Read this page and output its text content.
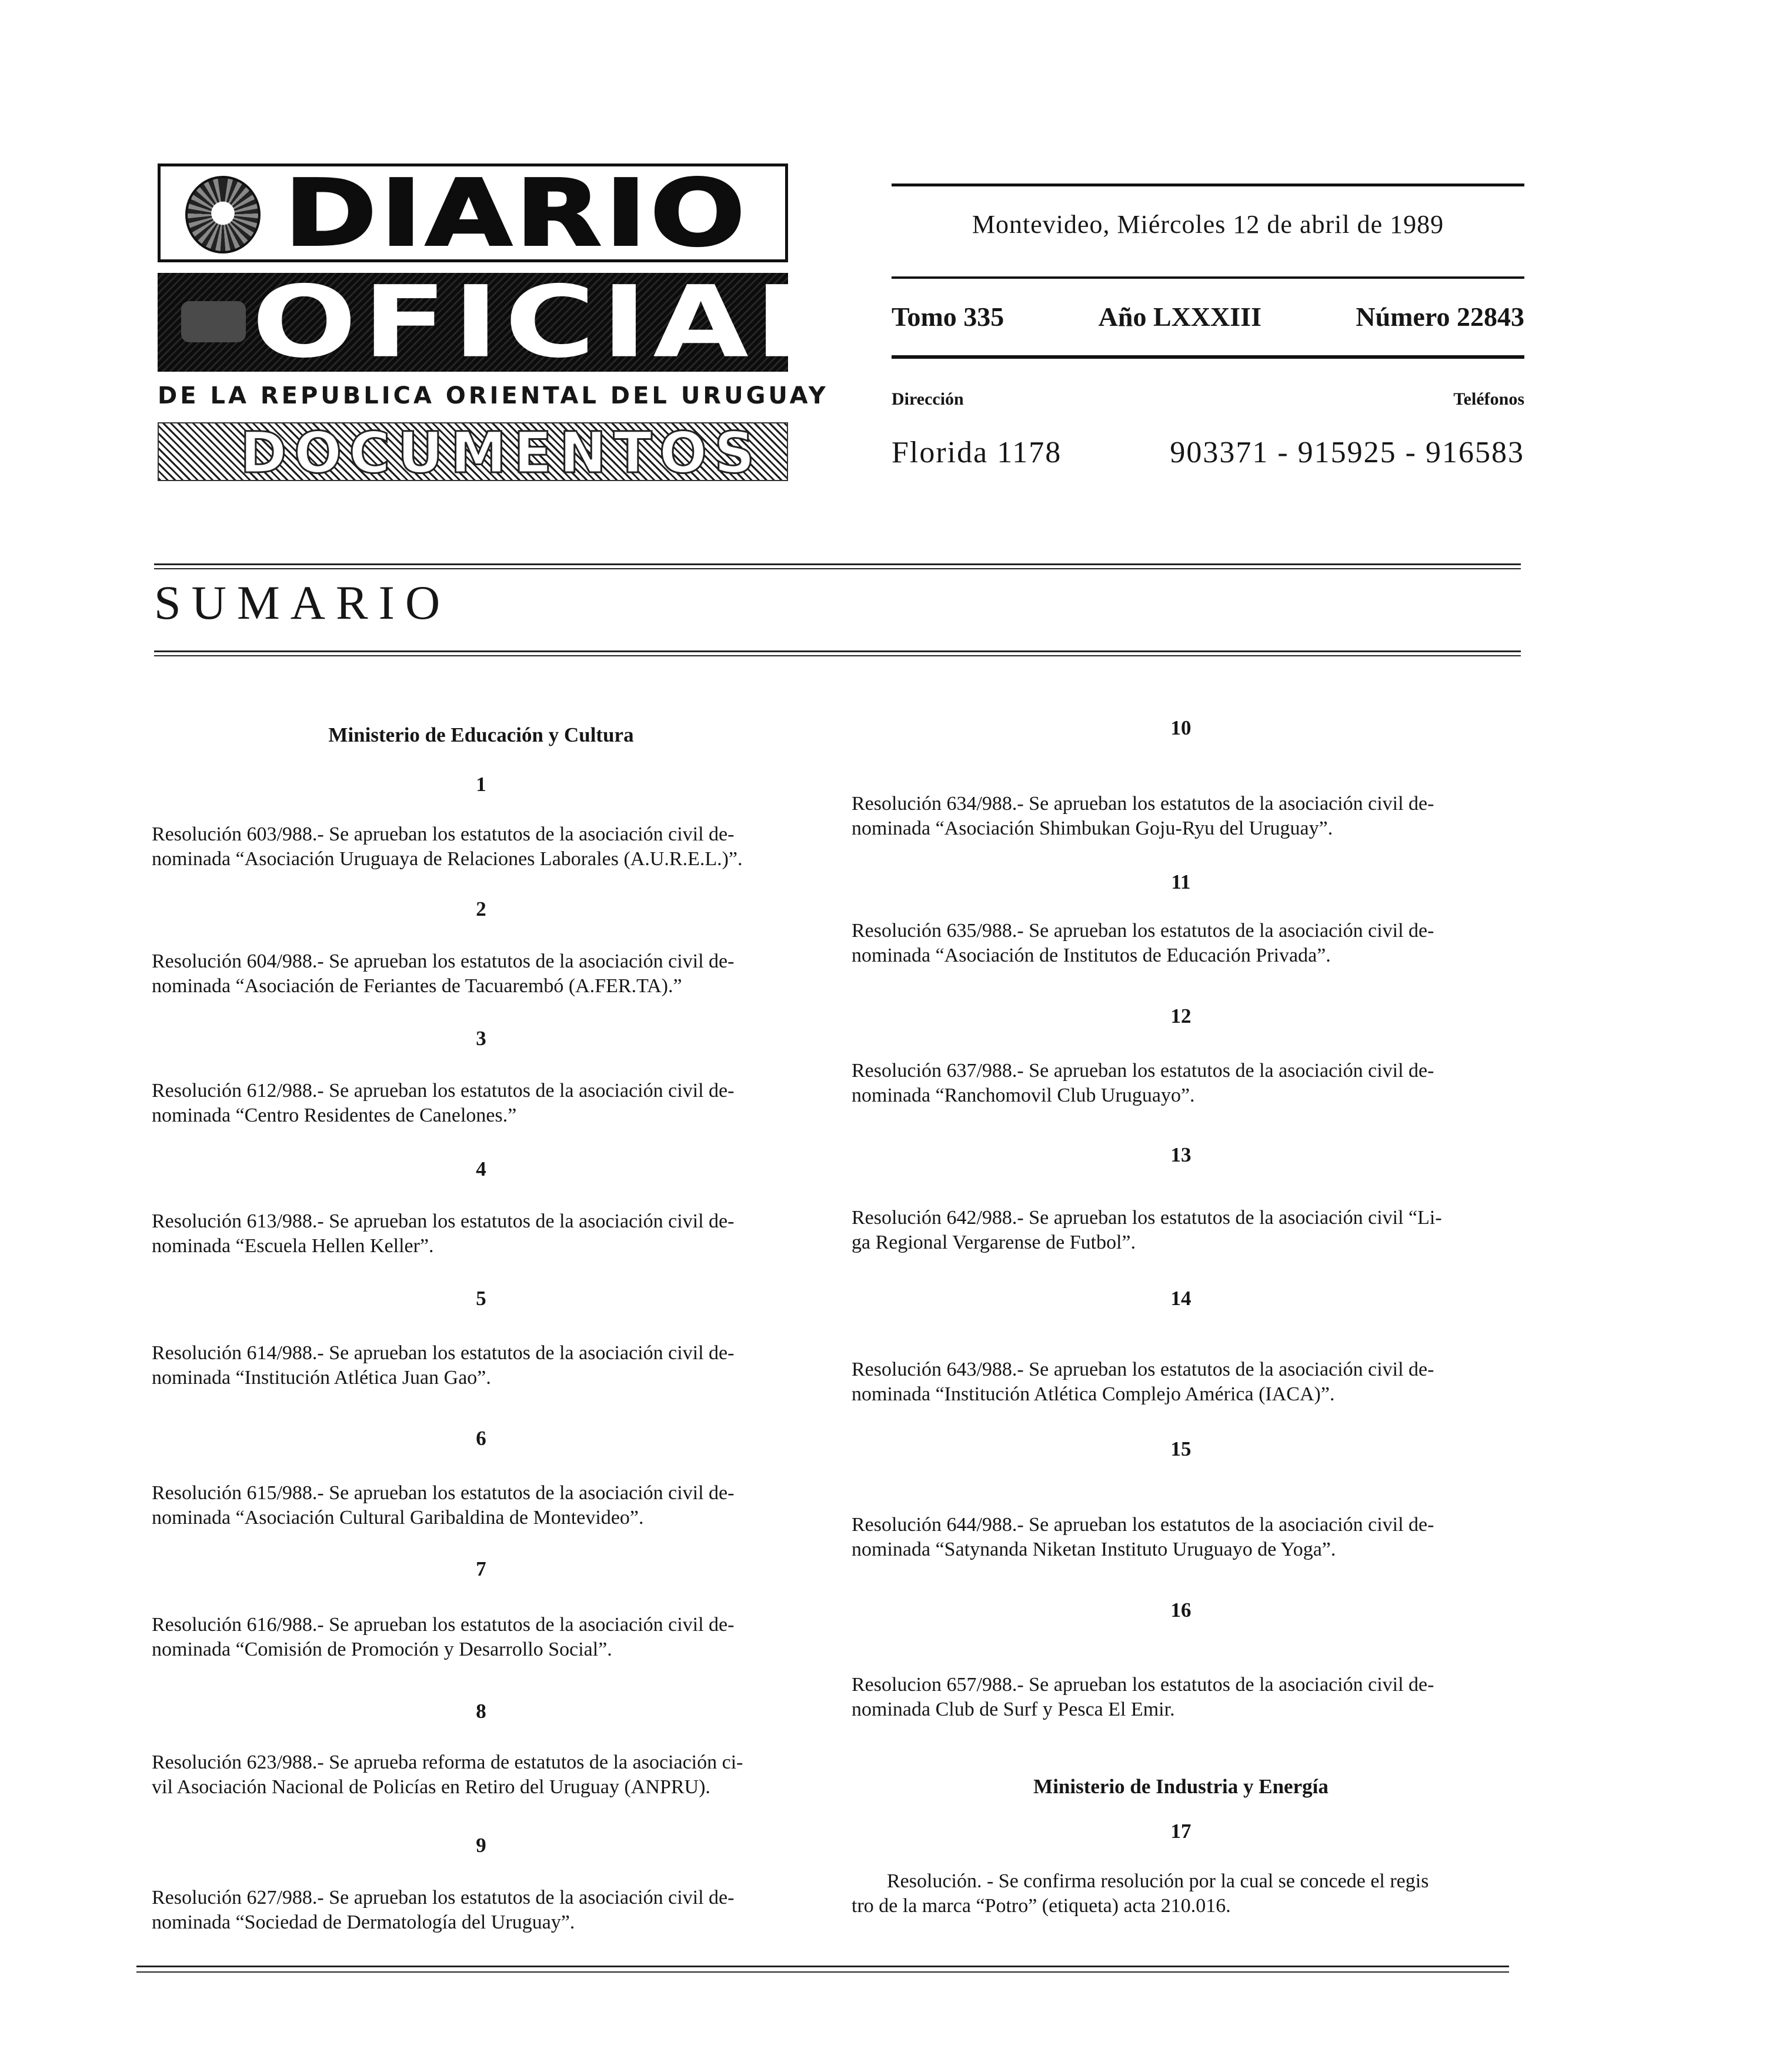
DIARIO
OFICIAL
DE LA REPUBLICA ORIENTAL DEL URUGUAY
DOCUMENTOS
Montevideo, Miércoles 12 de abril de 1989
Tomo 335	Año LXXXIII	Número 22843
Dirección	Teléfonos
Florida 1178	903371 - 915925 - 916583
SUMARIO
Ministerio de Educación y Cultura
1
Resolución 603/988.- Se aprueban los estatutos de la asociación civil de-
nominada “Asociación Uruguaya de Relaciones Laborales (A.U.R.E.L.)”.
2
Resolución 604/988.- Se aprueban los estatutos de la asociación civil de-
nominada “Asociación de Feriantes de Tacuarembó (A.FER.TA).”
3
Resolución 612/988.- Se aprueban los estatutos de la asociación civil de-
nominada “Centro Residentes de Canelones.”
4
Resolución 613/988.- Se aprueban los estatutos de la asociación civil de-
nominada “Escuela Hellen Keller”.
5
Resolución 614/988.- Se aprueban los estatutos de la asociación civil de-
nominada “Institución Atlética Juan Gao”.
6
Resolución 615/988.- Se aprueban los estatutos de la asociación civil de-
nominada “Asociación Cultural Garibaldina de Montevideo”.
7
Resolución 616/988.- Se aprueban los estatutos de la asociación civil de-
nominada “Comisión de Promoción y Desarrollo Social”.
8
Resolución 623/988.- Se aprueba reforma de estatutos de la asociación ci-
vil Asociación Nacional de Policías en Retiro del Uruguay (ANPRU).
9
Resolución 627/988.- Se aprueban los estatutos de la asociación civil de-
nominada “Sociedad de Dermatología del Uruguay”.
10
Resolución 634/988.- Se aprueban los estatutos de la asociación civil de-
nominada “Asociación Shimbukan Goju-Ryu del Uruguay”.
11
Resolución 635/988.- Se aprueban los estatutos de la asociación civil de-
nominada “Asociación de Institutos de Educación Privada”.
12
Resolución 637/988.- Se aprueban los estatutos de la asociación civil de-
nominada “Ranchomovil Club Uruguayo”.
13
Resolución 642/988.- Se aprueban los estatutos de la asociación civil “Li-
ga Regional Vergarense de Futbol”.
14
Resolución 643/988.- Se aprueban los estatutos de la asociación civil de-
nominada “Institución Atlética Complejo América (IACA)”.
15
Resolución 644/988.- Se aprueban los estatutos de la asociación civil de-
nominada “Satynanda Niketan Instituto Uruguayo de Yoga”.
16
Resolucion 657/988.- Se aprueban los estatutos de la asociación civil de-
nominada Club de Surf y Pesca El Emir.
Ministerio de Industria y Energía
17
Resolución. - Se confirma resolución por la cual se concede el regis
tro de la marca “Potro” (etiqueta) acta 210.016.
